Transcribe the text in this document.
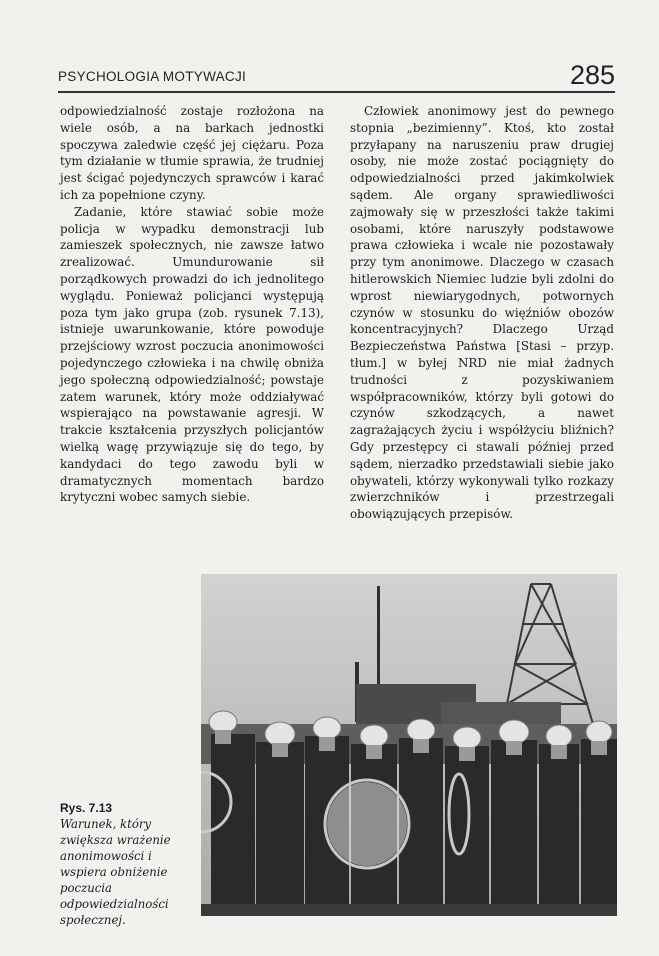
PSYCHOLOGIA MOTYWACJI	285

odpowiedzialność zostaje rozłożona na wiele osób, a na barkach jednostki spoczywa zaledwie część jej ciężaru. Poza tym działanie w tłumie sprawia, że trudniej jest ścigać pojedynczych sprawców i karać ich za popełnione czyny.

Zadanie, które stawiać sobie może policja w wypadku demonstracji lub zamieszek społecznych, nie zawsze łatwo zrealizować. Umundurowanie sił porządkowych prowadzi do ich jednolitego wyglądu. Ponieważ policjanci występują poza tym jako grupa (zob. rysunek 7.13), istnieje uwarunkowanie, które powoduje przejściowy wzrost poczucia anonimowości pojedynczego człowieka i na chwilę obniża jego społeczną odpowiedzialność; powstaje zatem warunek, który może oddziaływać wspierająco na powstawanie agresji. W trakcie kształcenia przyszłych policjantów wielką wagę przywiązuje się do tego, by kandydaci do tego zawodu byli w dramatycznych momentach bardzo krytyczni wobec samych siebie.

Człowiek anonimowy jest do pewnego stopnia „bezimienny”. Ktoś, kto został przyłapany na naruszeniu praw drugiej osoby, nie może zostać pociągnięty do odpowiedzialności przed jakimkolwiek sądem. Ale organy sprawiedliwości zajmowały się w przeszłości także takimi osobami, które naruszyły podstawowe prawa człowieka i wcale nie pozostawały przy tym anonimowe. Dlaczego w czasach hitlerowskich Niemiec ludzie byli zdolni do wprost niewiarygodnych, potwornych czynów w stosunku do więźniów obozów koncentracyjnych? Dlaczego Urząd Bezpieczeństwa Państwa [Stasi – przyp. tłum.] w byłej NRD nie miał żadnych trudności z pozyskiwaniem współpracowników, którzy byli gotowi do czynów szkodzących, a nawet zagrażających życiu i współżyciu bliźnich? Gdy przestępcy ci stawali później przed sądem, nierzadko przedstawiali siebie jako obywateli, którzy wykonywali tylko rozkazy zwierzchników i przestrzegali obowiązujących przepisów.

Rys. 7.13
Warunek, który zwiększa wrażenie anonimowości i wspiera obniżenie poczucia odpowiedzialności społecznej.
